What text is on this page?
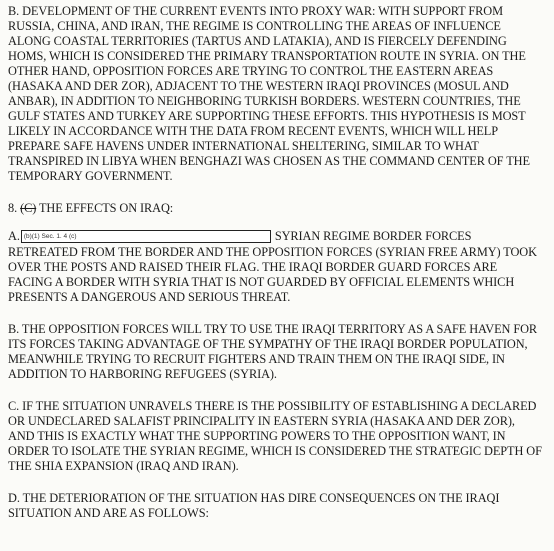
B. DEVELOPMENT OF THE CURRENT EVENTS INTO PROXY WAR: WITH SUPPORT FROM RUSSIA, CHINA, AND IRAN, THE REGIME IS CONTROLLING THE AREAS OF INFLUENCE ALONG COASTAL TERRITORIES (TARTUS AND LATAKIA), AND IS FIERCELY DEFENDING HOMS, WHICH IS CONSIDERED THE PRIMARY TRANSPORTATION ROUTE IN SYRIA. ON THE OTHER HAND, OPPOSITION FORCES ARE TRYING TO CONTROL THE EASTERN AREAS (HASAKA AND DER ZOR), ADJACENT TO THE WESTERN IRAQI PROVINCES (MOSUL AND ANBAR), IN ADDITION TO NEIGHBORING TURKISH BORDERS. WESTERN COUNTRIES, THE GULF STATES AND TURKEY ARE SUPPORTING THESE EFFORTS. THIS HYPOTHESIS IS MOST LIKELY IN ACCORDANCE WITH THE DATA FROM RECENT EVENTS, WHICH WILL HELP PREPARE SAFE HAVENS UNDER INTERNATIONAL SHELTERING, SIMILAR TO WHAT TRANSPIRED IN LIBYA WHEN BENGHAZI WAS CHOSEN AS THE COMMAND CENTER OF THE TEMPORARY GOVERNMENT.

8. (C) THE EFFECTS ON IRAQ:

A. (b)(1) Sec. 1. 4 (c)	SYRIAN REGIME BORDER FORCES RETREATED FROM THE BORDER AND THE OPPOSITION FORCES (SYRIAN FREE ARMY) TOOK OVER THE POSTS AND RAISED THEIR FLAG. THE IRAQI BORDER GUARD FORCES ARE FACING A BORDER WITH SYRIA THAT IS NOT GUARDED BY OFFICIAL ELEMENTS WHICH PRESENTS A DANGEROUS AND SERIOUS THREAT.

B. THE OPPOSITION FORCES WILL TRY TO USE THE IRAQI TERRITORY AS A SAFE HAVEN FOR ITS FORCES TAKING ADVANTAGE OF THE SYMPATHY OF THE IRAQI BORDER POPULATION, MEANWHILE TRYING TO RECRUIT FIGHTERS AND TRAIN THEM ON THE IRAQI SIDE, IN ADDITION TO HARBORING REFUGEES (SYRIA).

C. IF THE SITUATION UNRAVELS THERE IS THE POSSIBILITY OF ESTABLISHING A DECLARED OR UNDECLARED SALAFIST PRINCIPALITY IN EASTERN SYRIA (HASAKA AND DER ZOR), AND THIS IS EXACTLY WHAT THE SUPPORTING POWERS TO THE OPPOSITION WANT, IN ORDER TO ISOLATE THE SYRIAN REGIME, WHICH IS CONSIDERED THE STRATEGIC DEPTH OF THE SHIA EXPANSION (IRAQ AND IRAN).

D. THE DETERIORATION OF THE SITUATION HAS DIRE CONSEQUENCES ON THE IRAQI SITUATION AND ARE AS FOLLOWS:
